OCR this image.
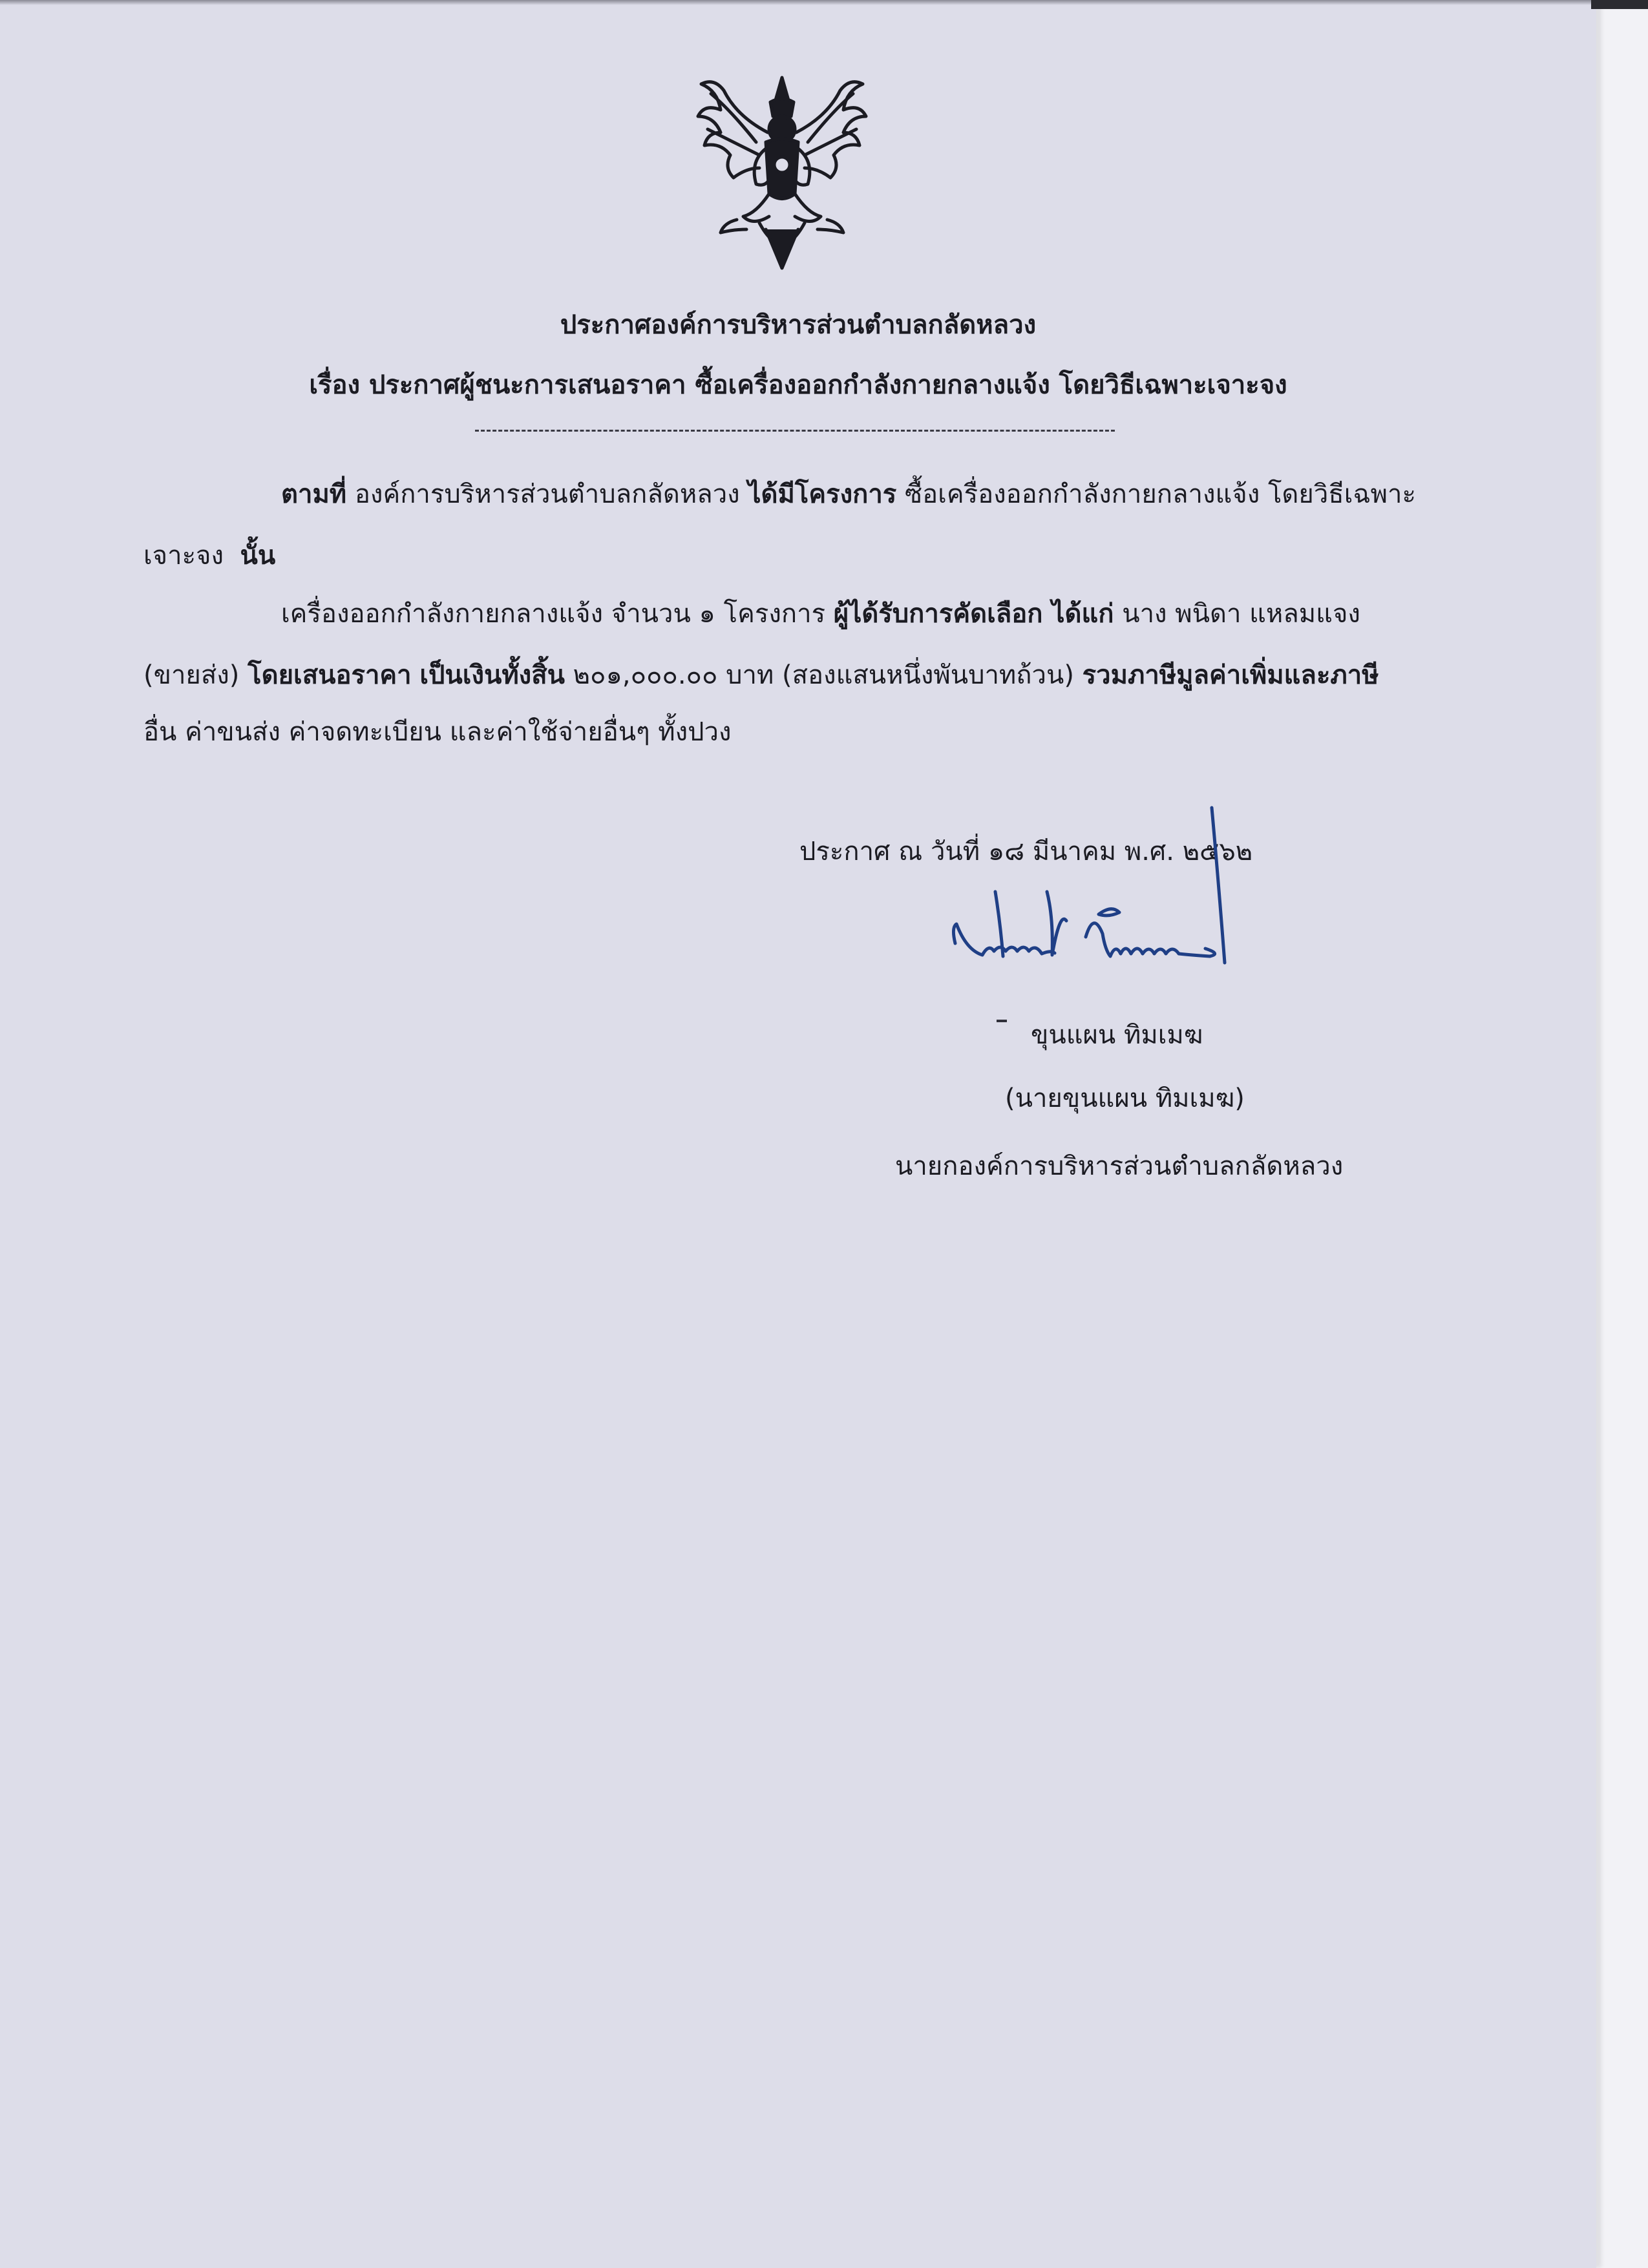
ประกาศองค์การบริหารส่วนตำบลกลัดหลวง
เรื่อง ประกาศผู้ชนะการเสนอราคา ซื้อเครื่องออกกำลังกายกลางแจ้ง โดยวิธีเฉพาะเจาะจง
ตามที่ องค์การบริหารส่วนตำบลกลัดหลวง ได้มีโครงการ ซื้อเครื่องออกกำลังกายกลางแจ้ง โดยวิธีเฉพาะ
เจาะจง นั้น
เครื่องออกกำลังกายกลางแจ้ง จำนวน ๑ โครงการ ผู้ได้รับการคัดเลือก ได้แก่ นาง พนิดา แหลมแจง
(ขายส่ง) โดยเสนอราคา เป็นเงินทั้งสิ้น ๒๐๑,๐๐๐.๐๐ บาท (สองแสนหนึ่งพันบาทถ้วน) รวมภาษีมูลค่าเพิ่มและภาษี
อื่น ค่าขนส่ง ค่าจดทะเบียน และค่าใช้จ่ายอื่นๆ ทั้งปวง
ประกาศ ณ วันที่ ๑๘ มีนาคม พ.ศ. ๒๕๖๒
ขุนแผน ทิมเมฆ
(นายขุนแผน ทิมเมฆ)
นายกองค์การบริหารส่วนตำบลกลัดหลวง
